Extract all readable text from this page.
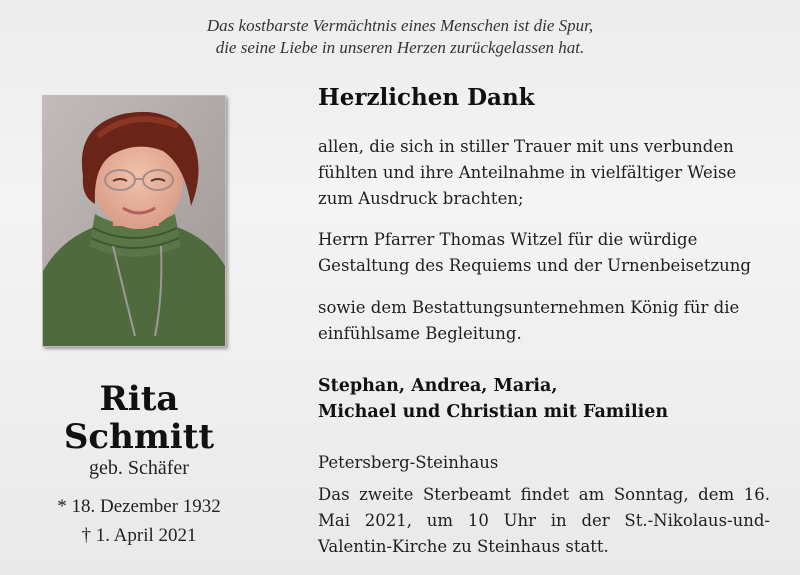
Das kostbarste Vermächtnis eines Menschen ist die Spur,
die seine Liebe in unseren Herzen zurückgelassen hat.
Rita
Schmitt
geb. Schäfer
* 18. Dezember 1932
† 1. April 2021
Herzlichen Dank
allen, die sich in stiller Trauer mit uns verbunden
fühlten und ihre Anteilnahme in vielfältiger Weise
zum Ausdruck brachten;
Herrn Pfarrer Thomas Witzel für die würdige
Gestaltung des Requiems und der Urnenbeisetzung
sowie dem Bestattungsunternehmen König für die
einfühlsame Begleitung.
Stephan, Andrea, Maria,
Michael und Christian mit Familien
Petersberg-Steinhaus
Das zweite Sterbeamt findet am Sonntag, dem 16. Mai 2021, um 10 Uhr in der St.-Nikolaus-und-Valentin-Kirche zu Steinhaus statt.
